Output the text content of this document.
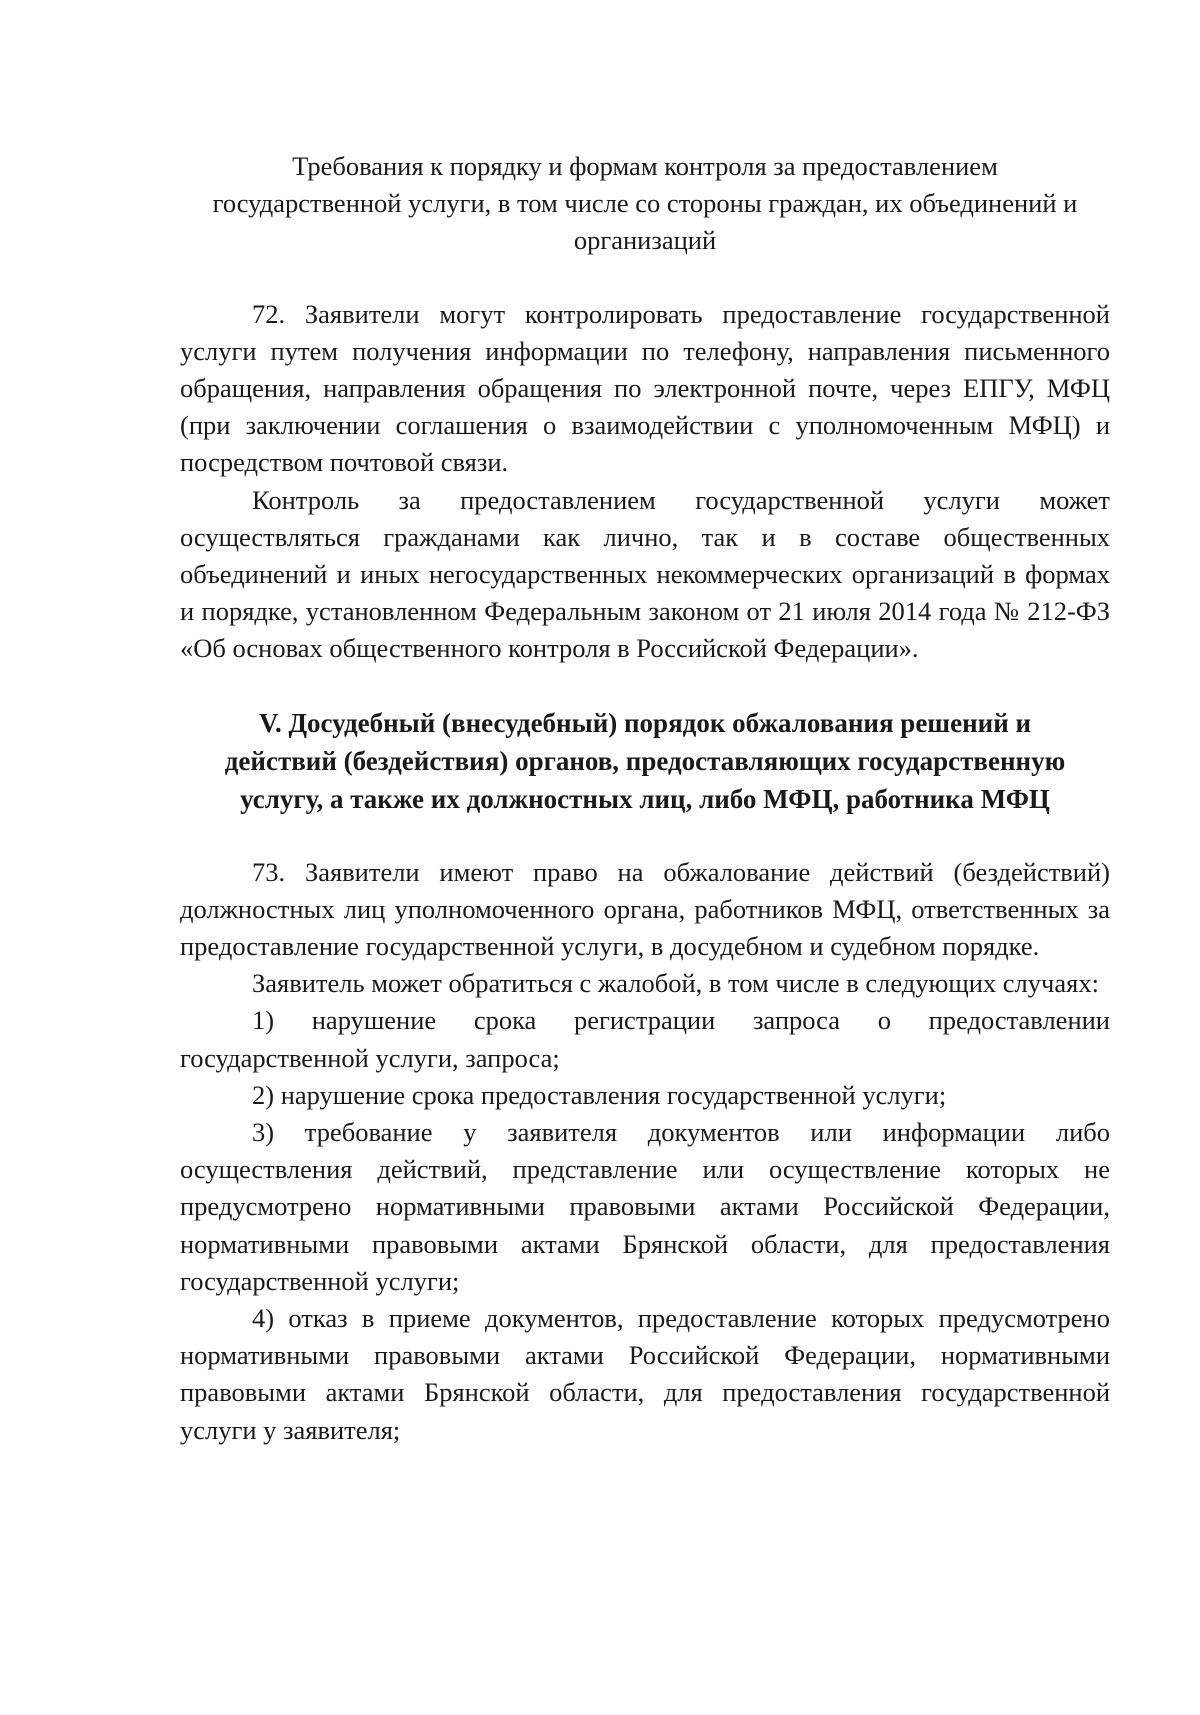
Требования к порядку и формам контроля за предоставлением
государственной услуги, в том числе со стороны граждан, их объединений и
организаций

72. Заявители могут контролировать предоставление государственной услуги путем получения информации по телефону, направления письменного обращения, направления обращения по электронной почте, через ЕПГУ, МФЦ (при заключении соглашения о взаимодействии с уполномоченным МФЦ) и посредством почтовой связи.

Контроль за предоставлением государственной услуги может осуществляться гражданами как лично, так и в составе общественных объединений и иных негосударственных некоммерческих организаций в формах и порядке, установленном Федеральным законом от 21 июля 2014 года № 212-ФЗ «Об основах общественного контроля в Российской Федерации».

V. Досудебный (внесудебный) порядок обжалования решений и
действий (бездействия) органов, предоставляющих государственную
услугу, а также их должностных лиц, либо МФЦ, работника МФЦ

73. Заявители имеют право на обжалование действий (бездействий) должностных лиц уполномоченного органа, работников МФЦ, ответственных за предоставление государственной услуги, в досудебном и судебном порядке.

Заявитель может обратиться с жалобой, в том числе в следующих случаях:

1) нарушение срока регистрации запроса о предоставлении государственной услуги, запроса;

2) нарушение срока предоставления государственной услуги;

3) требование у заявителя документов или информации либо осуществления действий, представление или осуществление которых не предусмотрено нормативными правовыми актами Российской Федерации, нормативными правовыми актами Брянской области, для предоставления государственной услуги;

4) отказ в приеме документов, предоставление которых предусмотрено нормативными правовыми актами Российской Федерации, нормативными правовыми актами Брянской области, для предоставления государственной услуги у заявителя;
